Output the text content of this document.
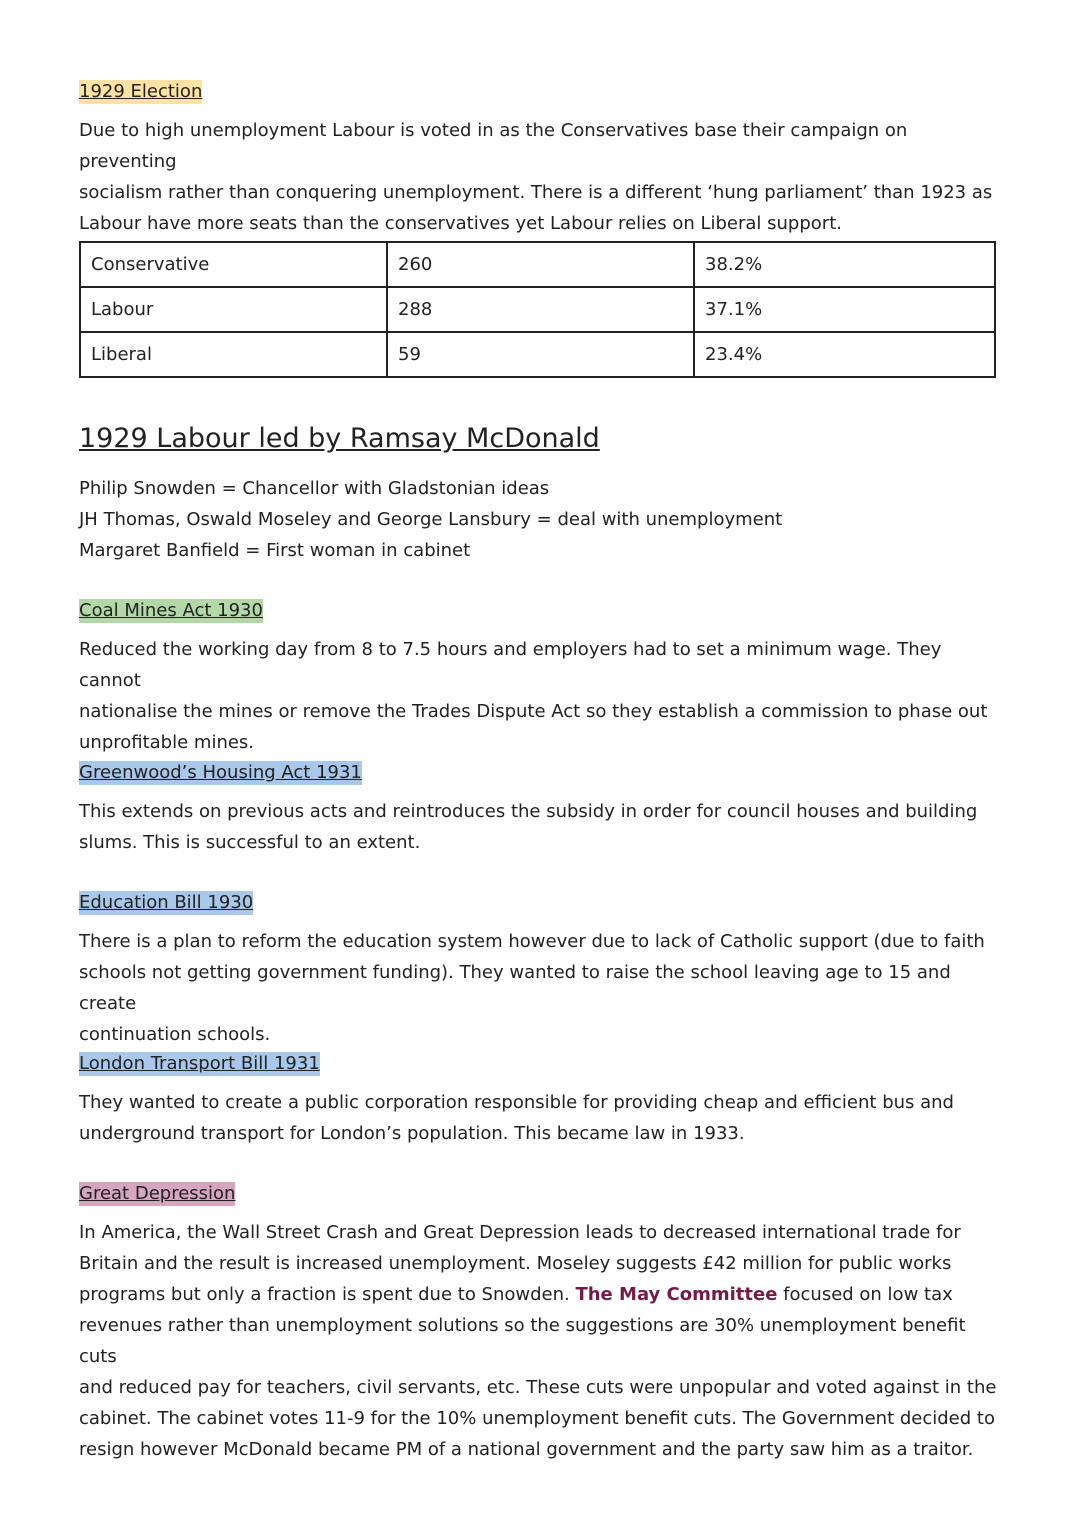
1929 Election

Due to high unemployment Labour is voted in as the Conservatives base their campaign on preventing
socialism rather than conquering unemployment. There is a different ‘hung parliament’ than 1923 as
Labour have more seats than the conservatives yet Labour relies on Liberal support.

Conservative	260	38.2%
Labour	288	37.1%
Liberal	59	23.4%
1929 Labour led by Ramsay McDonald

Philip Snowden = Chancellor with Gladstonian ideas
JH Thomas, Oswald Moseley and George Lansbury = deal with unemployment
Margaret Banfield = First woman in cabinet

Coal Mines Act 1930

Reduced the working day from 8 to 7.5 hours and employers had to set a minimum wage. They cannot
nationalise the mines or remove the Trades Dispute Act so they establish a commission to phase out
unprofitable mines.

Greenwood’s Housing Act 1931

This extends on previous acts and reintroduces the subsidy in order for council houses and building
slums. This is successful to an extent.

Education Bill 1930

There is a plan to reform the education system however due to lack of Catholic support (due to faith
schools not getting government funding). They wanted to raise the school leaving age to 15 and create
continuation schools.

London Transport Bill 1931

They wanted to create a public corporation responsible for providing cheap and efficient bus and
underground transport for London’s population. This became law in 1933.

Great Depression

In America, the Wall Street Crash and Great Depression leads to decreased international trade for
Britain and the result is increased unemployment. Moseley suggests £42 million for public works
programs but only a fraction is spent due to Snowden. The May Committee focused on low tax
revenues rather than unemployment solutions so the suggestions are 30% unemployment benefit cuts
and reduced pay for teachers, civil servants, etc. These cuts were unpopular and voted against in the
cabinet. The cabinet votes 11-9 for the 10% unemployment benefit cuts. The Government decided to
resign however McDonald became PM of a national government and the party saw him as a traitor.
